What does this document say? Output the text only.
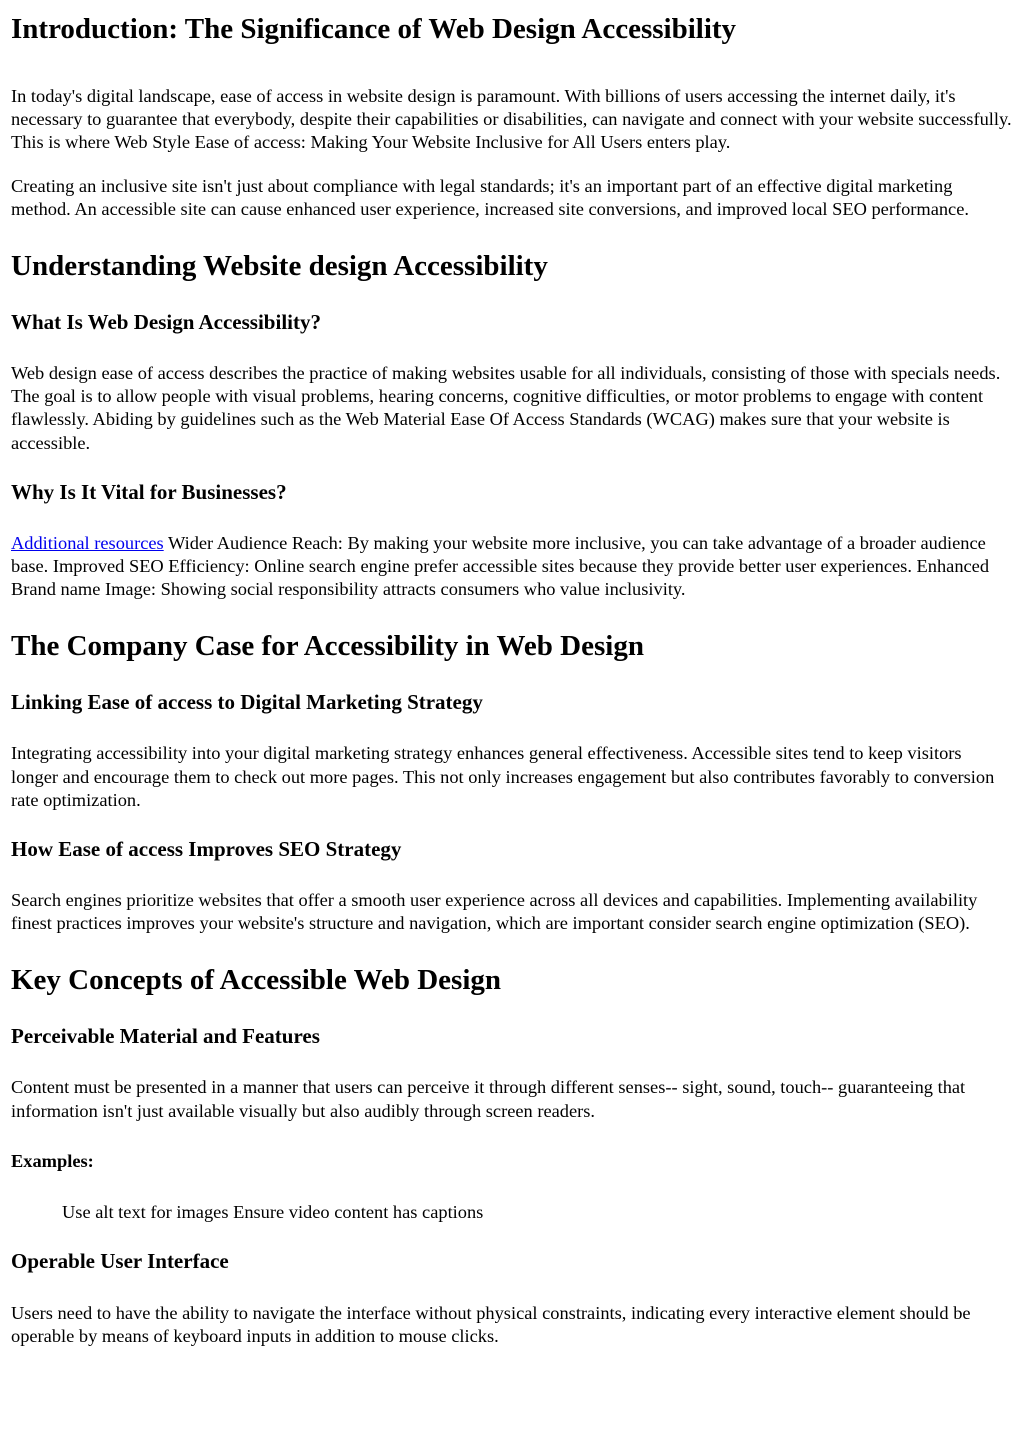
Introduction: The Significance of Web Design Accessibility

In today's digital landscape, ease of access in website design is paramount. With billions of users accessing the internet daily, it's necessary to guarantee that everybody, despite their capabilities or disabilities, can navigate and connect with your website successfully. This is where Web Style Ease of access: Making Your Website Inclusive for All Users enters play.

Creating an inclusive site isn't just about compliance with legal standards; it's an important part of an effective digital marketing method. An accessible site can cause enhanced user experience, increased site conversions, and improved local SEO performance.

Understanding Website design Accessibility
What Is Web Design Accessibility?

Web design ease of access describes the practice of making websites usable for all individuals, consisting of those with specials needs. The goal is to allow people with visual problems, hearing concerns, cognitive difficulties, or motor problems to engage with content flawlessly. Abiding by guidelines such as the Web Material Ease Of Access Standards (WCAG) makes sure that your website is accessible.

Why Is It Vital for Businesses?

Additional resources Wider Audience Reach: By making your website more inclusive, you can take advantage of a broader audience base. Improved SEO Efficiency: Online search engine prefer accessible sites because they provide better user experiences. Enhanced Brand name Image: Showing social responsibility attracts consumers who value inclusivity.

The Company Case for Accessibility in Web Design
Linking Ease of access to Digital Marketing Strategy

Integrating accessibility into your digital marketing strategy enhances general effectiveness. Accessible sites tend to keep visitors longer and encourage them to check out more pages. This not only increases engagement but also contributes favorably to conversion rate optimization.

How Ease of access Improves SEO Strategy

Search engines prioritize websites that offer a smooth user experience across all devices and capabilities. Implementing availability finest practices improves your website's structure and navigation, which are important consider search engine optimization (SEO).

Key Concepts of Accessible Web Design
Perceivable Material and Features

Content must be presented in a manner that users can perceive it through different senses-- sight, sound, touch-- guaranteeing that information isn't just available visually but also audibly through screen readers.

Examples:

Use alt text for images Ensure video content has captions

Operable User Interface

Users need to have the ability to navigate the interface without physical constraints, indicating every interactive element should be operable by means of keyboard inputs in addition to mouse clicks.
